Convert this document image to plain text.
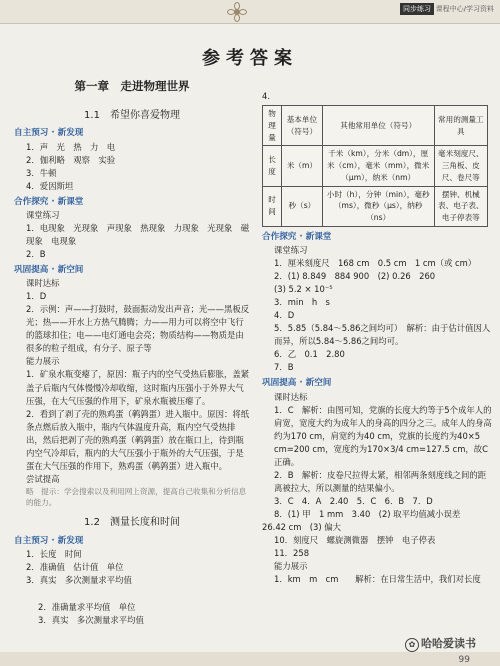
同步练习 课程中心/学习资料
参考答案
第一章　走进物理世界
1.1　希望你喜爱物理
自主预习 · 新发现
1．声　光　热　力　电
2．伽利略　观察　实验
3．牛顿
4．爱因斯坦
合作探究 · 新课堂
课堂练习
1．电现象　光现象　声现象　热现象　力现象　光现象　磁现象　电现象
2．B
巩固提高 · 新空间
课时达标
1．D
2．示例：声——打鼓时，鼓面振动发出声音；光——黑板反光；热——开水上方热气腾腾；力——用力可以将空中飞行的篮球扣住；电——电灯通电会亮；物质结构——物质是由很多的粒子组成，有分子、原子等
能力展示
1．矿泉水瓶变瘪了，原因：瓶子内的空气受热后膨胀，盖紧盖子后瓶内气体慢慢冷却收缩，这时瓶内压强小于外界大气压强，在大气压强的作用下，矿泉水瓶被压瘪了。
2．看到了剥了壳的熟鸡蛋（鹌鹑蛋）进入瓶中。原因：将纸条点燃后放入瓶中，瓶内气体温度升高，瓶内空气受热排出，然后把剥了壳的熟鸡蛋（鹌鹑蛋）放在瓶口上，待到瓶内空气冷却后，瓶内的大气压强小于瓶外的大气压强，于是蛋在大气压强的作用下，熟鸡蛋（鹌鹑蛋）进入瓶中。
尝试提高
略　提示：学会搜索以及利用网上资源，提高自己收集和分析信息的能力。
1.2　测量长度和时间
自主预习 · 新发现
1．长度　时间
2．准确值　估计值　单位
3．真实　多次测量求平均值
2．准确量求平均值　单位
3．真实　多次测量求平均值
4．
物理量	基本单位（符号）	其他常用单位（符号）	常用的测量工具
长度	米（m）	千米（km），分米（dm），厘米（cm），毫米（mm），微米（μm），纳米（nm）	毫米刻度尺、三角板、皮尺、卷尺等
时间	秒（s）	小时（h），分钟（min），毫秒（ms），微秒（μs），纳秒（ns）	摆钟、机械表、电子表、电子停表等
合作探究 · 新课堂
课堂练习
1．厘米刻度尺　168 cm　0.5 cm　1 cm（或 cm）
2．(1) 8.849　884 900　(2) 0.26　260
(3) 5.2 × 10⁻⁵
3．min　h　s
4．D
5．5.85（5.84～5.86之间均可）　解析：由于估计值因人而异，所以5.84～5.86之间均可。
6．乙　0.1　2.80
7．B
巩固提高 · 新空间
课时达标
1．C　解析：由图可知，党旗的长度大约等于5个成年人的肩宽，宽度大约为成年人的身高的四分之三。成年人的身高约为170 cm，肩宽约为40 cm，党旗的长度约为40×5 cm=200 cm，宽度约为170×3/4 cm=127.5 cm，故C正确。
2．B　解析：皮卷尺拉得太紧，相邻两条刻度线之间的距离被拉大，所以测量的结果偏小。
3．C　4．A　2.40　5．C　6．B　7．D
8．(1) 甲　1 mm　3.40　(2) 取平均值减小误差
26.42 cm　(3) 偏大
10．刻度尺　螺旋测微器　摆钟　电子停表
11．258
能力展示
1．km　m　cm　　解析：在日常生活中，我们对长度
✿ 哈哈爱读书
99
